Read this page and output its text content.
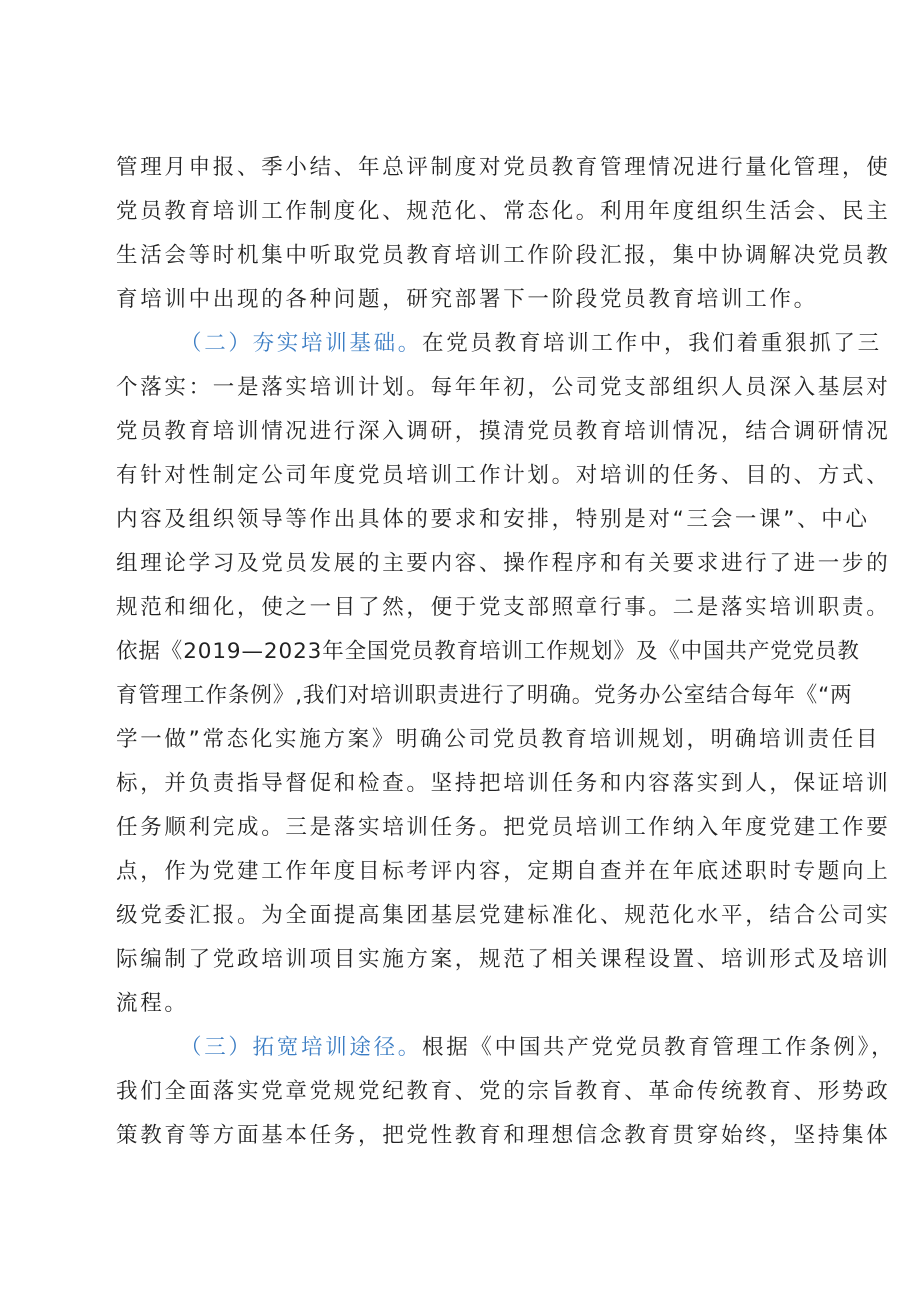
管理月申报、季小结、年总评制度对党员教育管理情况进行量化管理，使
党员教育培训工作制度化、规范化、常态化。利用年度组织生活会、民主
生活会等时机集中听取党员教育培训工作阶段汇报，集中协调解决党员教
育培训中出现的各种问题，研究部署下一阶段党员教育培训工作。
（二）夯实培训基础。在党员教育培训工作中，我们着重狠抓了三
个落实：一是落实培训计划。每年年初，公司党支部组织人员深入基层对
党员教育培训情况进行深入调研，摸清党员教育培训情况，结合调研情况
有针对性制定公司年度党员培训工作计划。对培训的任务、目的、方式、
内容及组织领导等作出具体的要求和安排，特别是对“三会一课”、中心
组理论学习及党员发展的主要内容、操作程序和有关要求进行了进一步的
规范和细化，使之一目了然，便于党支部照章行事。二是落实培训职责。
依据《2019—2023年全国党员教育培训工作规划》及《中国共产党党员教
育管理工作条例》,我们对培训职责进行了明确。党务办公室结合每年《“两
学一做”常态化实施方案》明确公司党员教育培训规划，明确培训责任目
标，并负责指导督促和检查。坚持把培训任务和内容落实到人，保证培训
任务顺利完成。三是落实培训任务。把党员培训工作纳入年度党建工作要
点，作为党建工作年度目标考评内容，定期自查并在年底述职时专题向上
级党委汇报。为全面提高集团基层党建标准化、规范化水平，结合公司实
际编制了党政培训项目实施方案，规范了相关课程设置、培训形式及培训
流程。
（三）拓宽培训途径。根据《中国共产党党员教育管理工作条例》，
我们全面落实党章党规党纪教育、党的宗旨教育、革命传统教育、形势政
策教育等方面基本任务，把党性教育和理想信念教育贯穿始终，坚持集体
